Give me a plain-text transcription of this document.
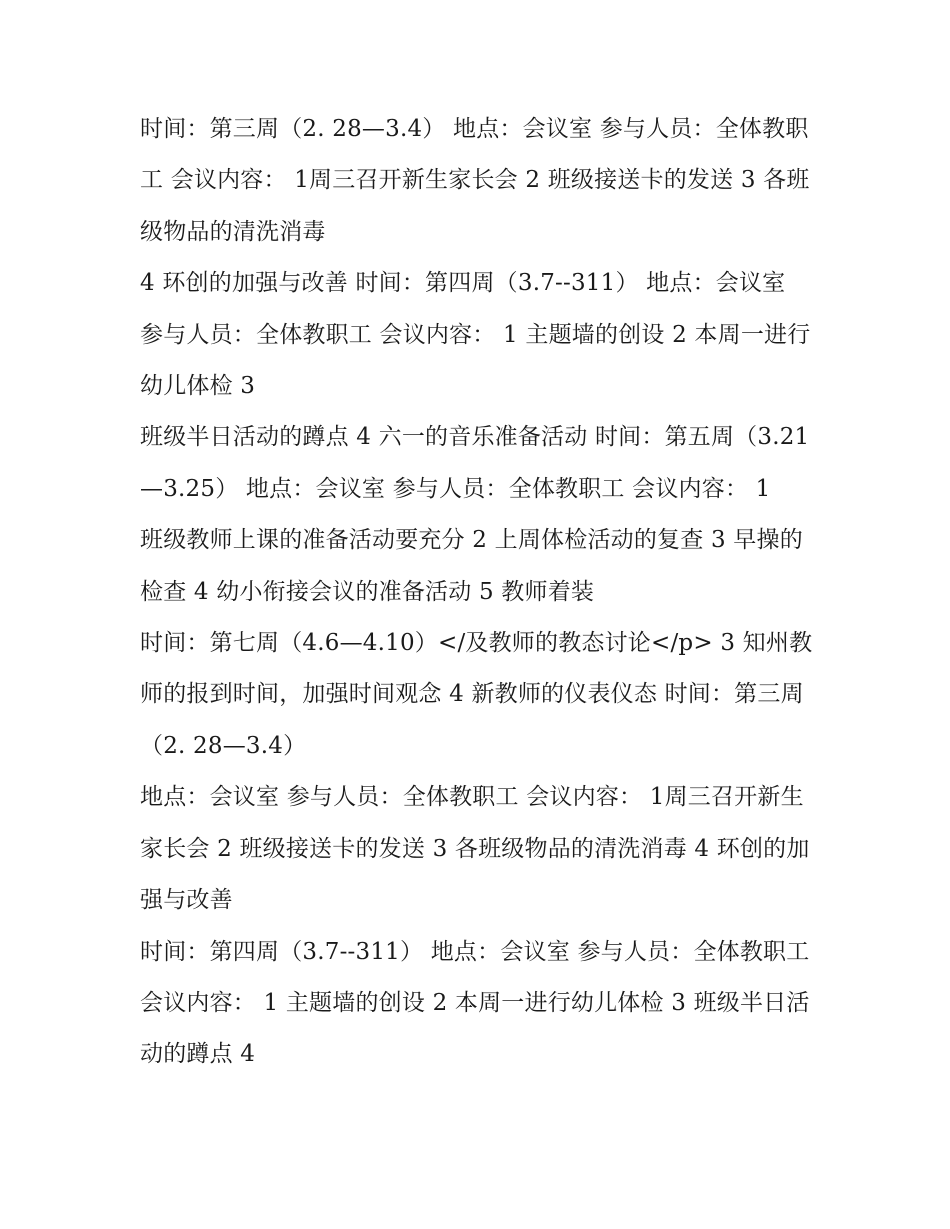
时间：第三周（2. 28—3.4） 地点：会议室 参与人员：全体教职工 会议内容： 1周三召开新生家长会 2 班级接送卡的发送 3 各班级物品的清洗消毒

4 环创的加强与改善 时间：第四周（3.7--311） 地点：会议室 参与人员：全体教职工 会议内容： 1 主题墙的创设 2 本周一进行幼儿体检 3

班级半日活动的蹲点 4 六一的音乐准备活动 时间：第五周（3.21—3.25） 地点：会议室 参与人员：全体教职工 会议内容： 1

班级教师上课的准备活动要充分 2 上周体检活动的复查 3 早操的检查 4 幼小衔接会议的准备活动 5 教师着装

时间：第七周（4.6—4.10）</及教师的教态讨论</p> 3 知州教师的报到时间，加强时间观念 4 新教师的仪表仪态 时间：第三周（2. 28—3.4）

地点：会议室 参与人员：全体教职工 会议内容： 1周三召开新生家长会 2 班级接送卡的发送 3 各班级物品的清洗消毒 4 环创的加强与改善

时间：第四周（3.7--311） 地点：会议室 参与人员：全体教职工 会议内容： 1 主题墙的创设 2 本周一进行幼儿体检 3 班级半日活动的蹲点 4
